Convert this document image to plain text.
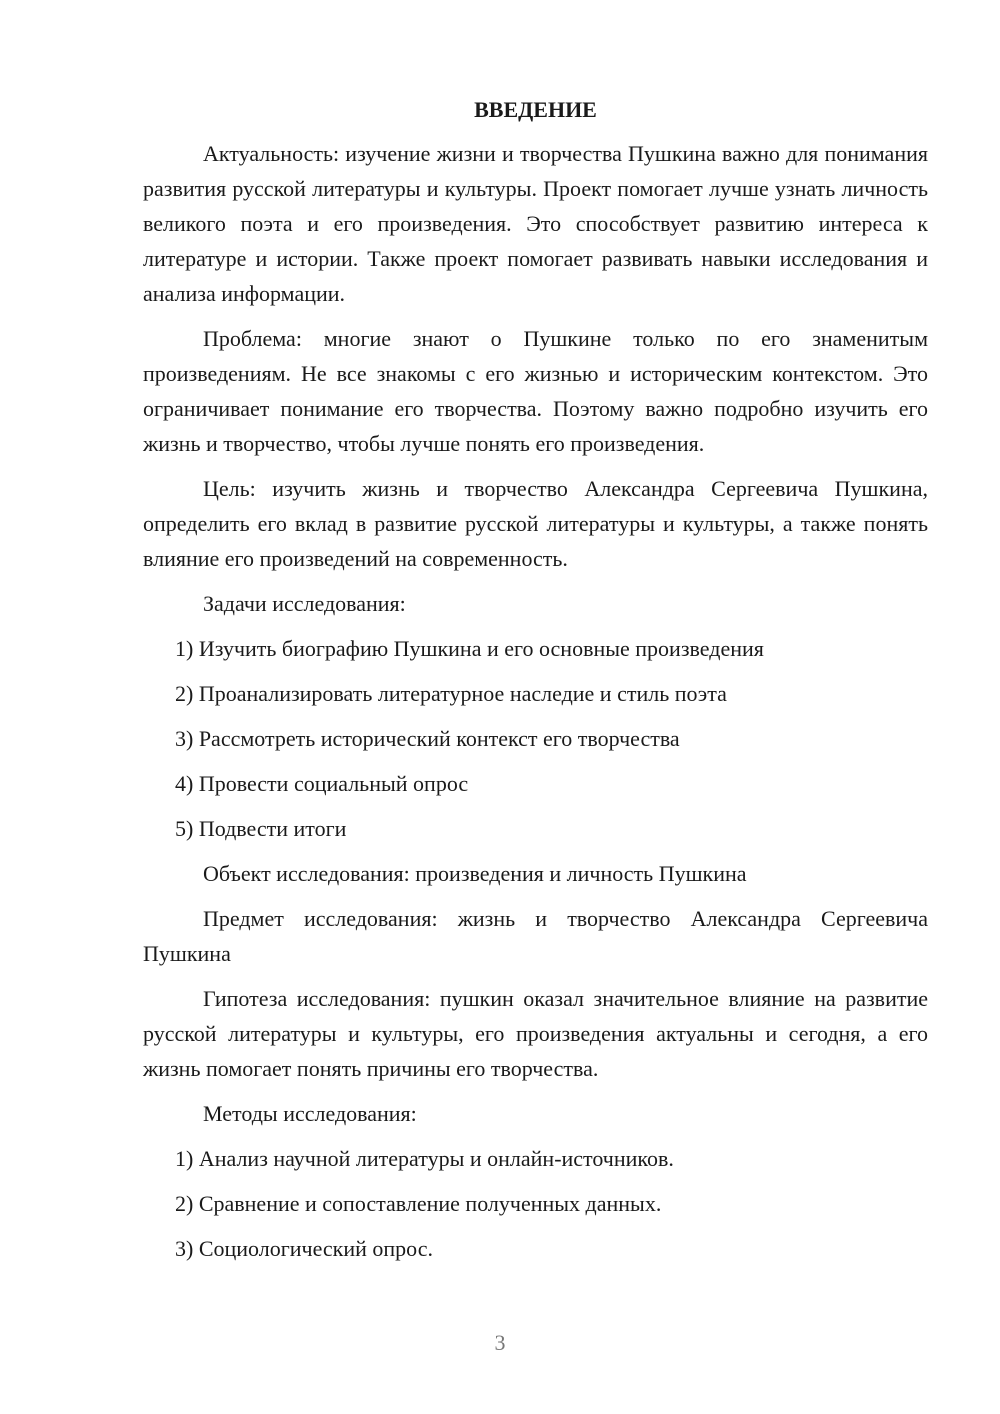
ВВЕДЕНИЕ

Актуальность: изучение жизни и творчества Пушкина важно для понимания развития русской литературы и культуры. Проект помогает лучше узнать личность великого поэта и его произведения. Это способствует развитию интереса к литературе и истории. Также проект помогает развивать навыки исследования и анализа информации.

Проблема: многие знают о Пушкине только по его знаменитым произведениям. Не все знакомы с его жизнью и историческим контекстом. Это ограничивает понимание его творчества. Поэтому важно подробно изучить его жизнь и творчество, чтобы лучше понять его произведения.

Цель: изучить жизнь и творчество Александра Сергеевича Пушкина, определить его вклад в развитие русской литературы и культуры, а также понять влияние его произведений на современность.

Задачи исследования:

1) Изучить биографию Пушкина и его основные произведения
2) Проанализировать литературное наследие и стиль поэта
3) Рассмотреть исторический контекст его творчества
4) Провести социальный опрос
5) Подвести итоги

Объект исследования: произведения и личность Пушкина

Предмет исследования: жизнь и творчество Александра Сергеевича Пушкина

Гипотеза исследования: пушкин оказал значительное влияние на развитие русской литературы и культуры, его произведения актуальны и сегодня, а его жизнь помогает понять причины его творчества.

Методы исследования:

1) Анализ научной литературы и онлайн-источников.
2) Сравнение и сопоставление полученных данных.
3) Социологический опрос.
3
